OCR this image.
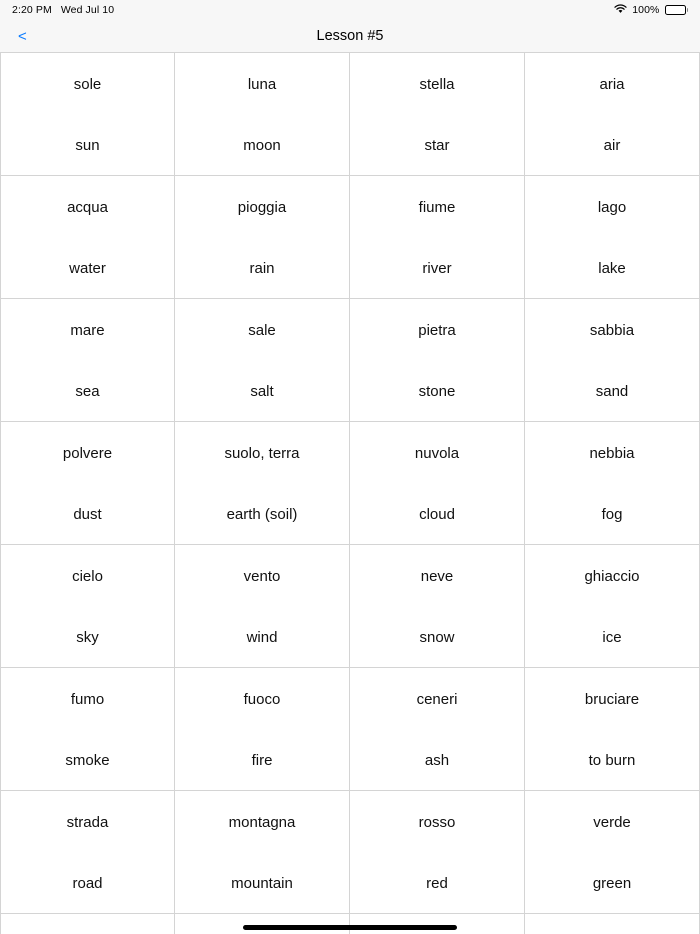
2:20 PM Wed Jul 10	100%
<	Lesson #5
sole
sun
luna
moon
stella
star
aria
air
acqua
water
pioggia
rain
fiume
river
lago
lake
mare
sea
sale
salt
pietra
stone
sabbia
sand
polvere
dust
suolo, terra
earth (soil)
nuvola
cloud
nebbia
fog
cielo
sky
vento
wind
neve
snow
ghiaccio
ice
fumo
smoke
fuoco
fire
ceneri
ash
bruciare
to burn
strada
road
montagna
mountain
rosso
red
verde
green
